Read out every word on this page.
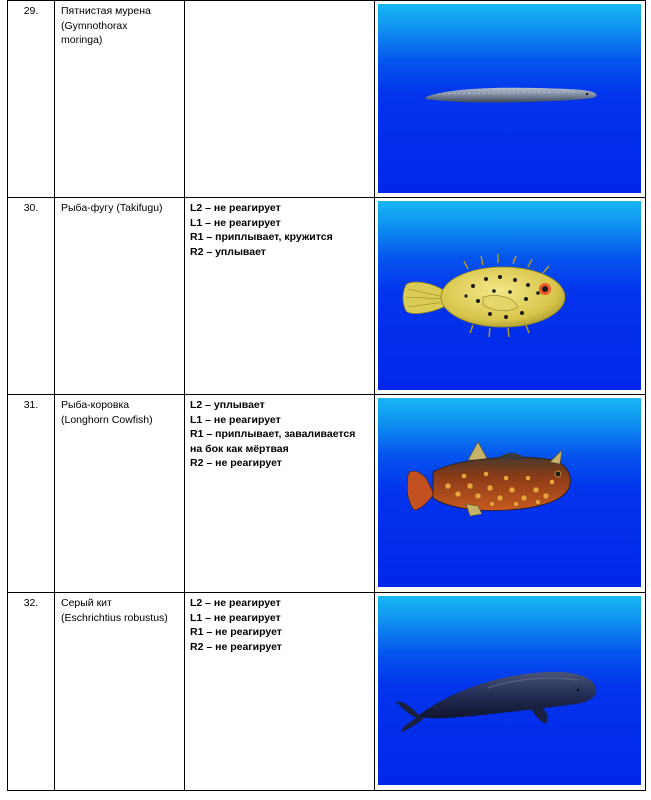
29.	Пятнистая мурена
(Gymnothorax
moringa)

30.	Рыба-фугу (Takifugu)	L2 – не реагирует
L1 – не реагирует
R1 – приплывает, кружится
R2 – уплывает

31.	Рыба-коровка
(Longhorn Cowfish)	L2 – уплывает
L1 – не реагирует
R1 – приплывает, заваливается
на бок как мёртвая
R2 – не реагирует

32.	Серый кит
(Eschrichtius robustus)	L2 – не реагирует
L1 – не реагирует
R1 – не реагирует
R2 – не реагирует
